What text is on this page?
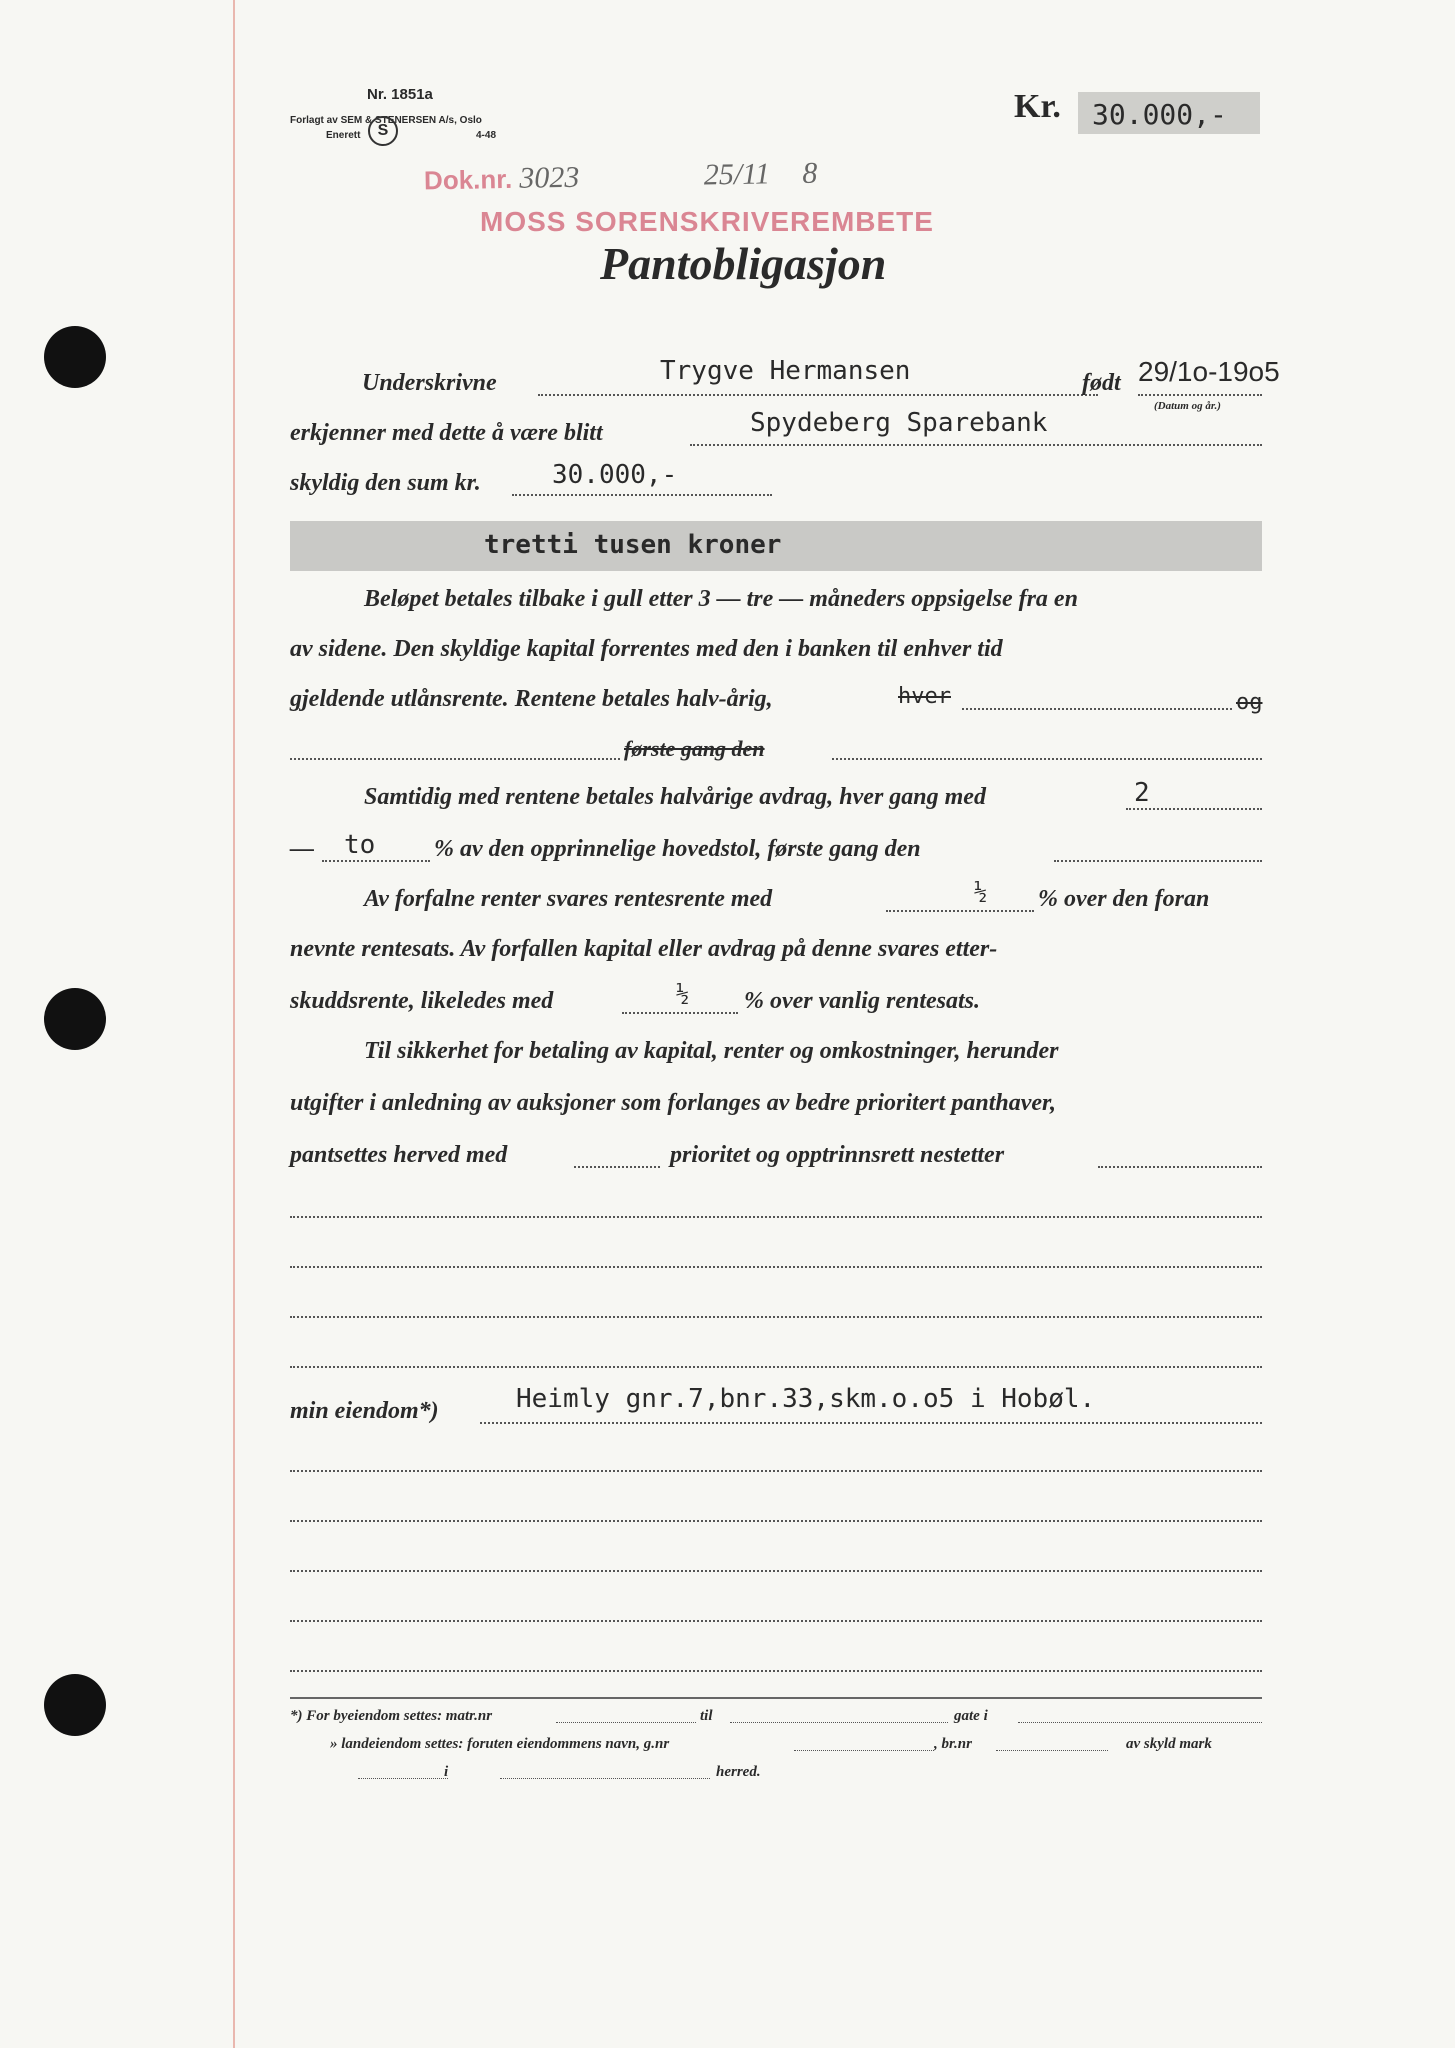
Nr. 1851a
Forlagt av SEM & STENERSEN A/s, Oslo
Enerett	S	4-48
Kr. 30.000,-
Dok.nr. 3023	25/11 8
MOSS SORENSKRIVEREMBETE
Pantobligasjon
Underskrivne	Trygve Hermansen	født 29/1o-19o5
(Datum og år.)
erkjenner med dette å være blitt	Spydeberg Sparebank
skyldig den sum kr.	30.000,-
tretti tusen kroner
Beløpet betales tilbake i gull etter 3 — tre — måneders oppsigelse fra en
av sidene. Den skyldige kapital forrentes med den i banken til enhver tid
gjeldende utlånsrente. Rentene betales halv-årig,	hver	og
første gang den
Samtidig med rentene betales halvårige avdrag, hver gang med	2
— to % av den opprinnelige hovedstol, første gang den
Av forfalne renter svares rentesrente med	½ % over den foran
nevnte rentesats. Av forfallen kapital eller avdrag på denne svares etter-
skuddsrente, likeledes med	½ % over vanlig rentesats.
Til sikkerhet for betaling av kapital, renter og omkostninger, herunder
utgifter i anledning av auksjoner som forlanges av bedre prioritert panthaver,
pantsettes herved med	prioritet og opptrinnsrett nestetter
min eiendom*)	Heimly gnr.7,bnr.33,skm.o.o5 i Hobøl.
*) For byeiendom settes: matr.nr	til	gate i
» landeiendom settes: foruten eiendommens navn, g.nr	, br.nr	av skyld mark
i	herred.
